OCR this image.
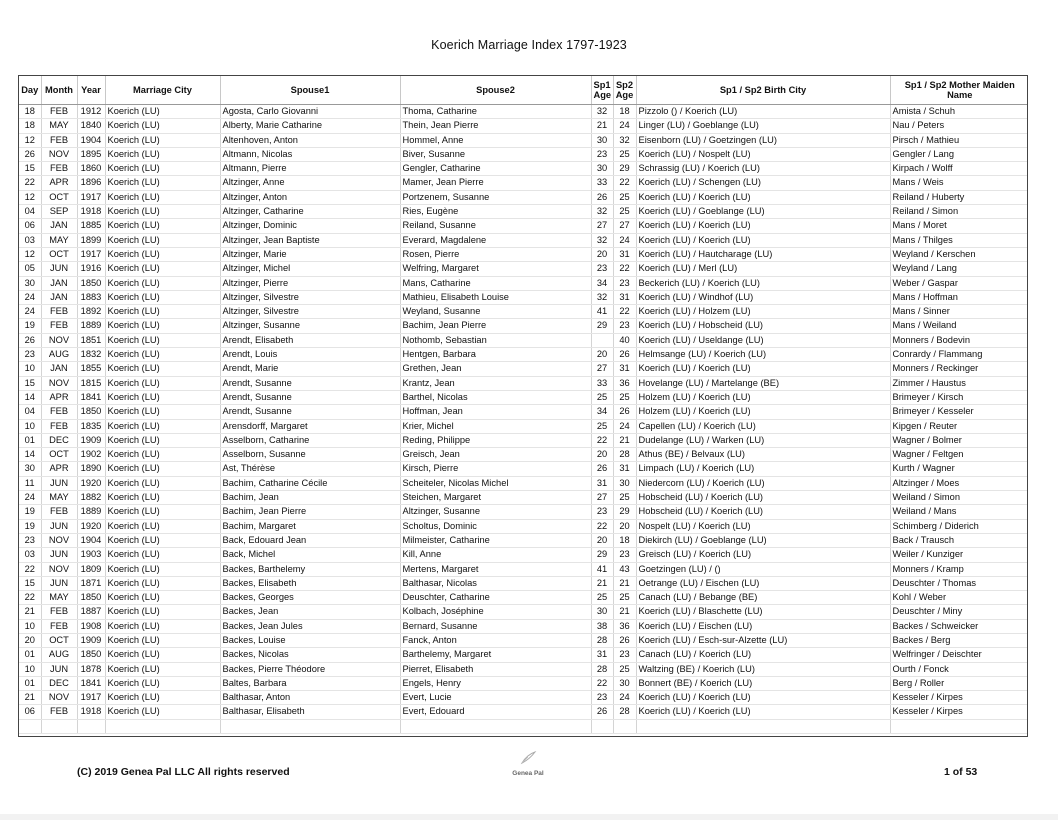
Koerich Marriage Index 1797-1923
Day	Month	Year	Marriage City	Spouse1	Spouse2	Sp1 Age	Sp2 Age	Sp1 / Sp2 Birth City	Sp1 / Sp2 Mother Maiden Name
18	FEB	1912	Koerich (LU)	Agosta, Carlo Giovanni	Thoma, Catharine	32	18	Pizzolo () / Koerich (LU)	Amista / Schuh
18	MAY	1840	Koerich (LU)	Alberty, Marie Catharine	Thein, Jean Pierre	21	24	Linger (LU) / Goeblange (LU)	Nau / Peters
12	FEB	1904	Koerich (LU)	Altenhoven, Anton	Hommel, Anne	30	32	Eisenborn (LU) / Goetzingen (LU)	Pirsch / Mathieu
26	NOV	1895	Koerich (LU)	Altmann, Nicolas	Biver, Susanne	23	25	Koerich (LU) / Nospelt (LU)	Gengler / Lang
15	FEB	1860	Koerich (LU)	Altmann, Pierre	Gengler, Catharine	30	29	Schrassig (LU) / Koerich (LU)	Kirpach / Wolff
22	APR	1896	Koerich (LU)	Altzinger, Anne	Mamer, Jean Pierre	33	22	Koerich (LU) / Schengen (LU)	Mans / Weis
12	OCT	1917	Koerich (LU)	Altzinger, Anton	Portzenem, Susanne	26	25	Koerich (LU) / Koerich (LU)	Reiland / Huberty
04	SEP	1918	Koerich (LU)	Altzinger, Catharine	Ries, Eugène	32	25	Koerich (LU) / Goeblange (LU)	Reiland / Simon
06	JAN	1885	Koerich (LU)	Altzinger, Dominic	Reiland, Susanne	27	27	Koerich (LU) / Koerich (LU)	Mans / Moret
03	MAY	1899	Koerich (LU)	Altzinger, Jean Baptiste	Everard, Magdalene	32	24	Koerich (LU) / Koerich (LU)	Mans / Thilges
12	OCT	1917	Koerich (LU)	Altzinger, Marie	Rosen, Pierre	20	31	Koerich (LU) / Hautcharage (LU)	Weyland / Kerschen
05	JUN	1916	Koerich (LU)	Altzinger, Michel	Welfring, Margaret	23	22	Koerich (LU) / Merl (LU)	Weyland / Lang
30	JAN	1850	Koerich (LU)	Altzinger, Pierre	Mans, Catharine	34	23	Beckerich (LU) / Koerich (LU)	Weber / Gaspar
24	JAN	1883	Koerich (LU)	Altzinger, Silvestre	Mathieu, Elisabeth Louise	32	31	Koerich (LU) / Windhof (LU)	Mans / Hoffman
24	FEB	1892	Koerich (LU)	Altzinger, Silvestre	Weyland, Susanne	41	22	Koerich (LU) / Holzem (LU)	Mans / Sinner
19	FEB	1889	Koerich (LU)	Altzinger, Susanne	Bachim, Jean Pierre	29	23	Koerich (LU) / Hobscheid (LU)	Mans / Weiland
26	NOV	1851	Koerich (LU)	Arendt, Elisabeth	Nothomb, Sebastian		40	Koerich (LU) / Useldange (LU)	Monners / Bodevin
23	AUG	1832	Koerich (LU)	Arendt, Louis	Hentgen, Barbara	20	26	Helmsange (LU) / Koerich (LU)	Conrardy / Flammang
10	JAN	1855	Koerich (LU)	Arendt, Marie	Grethen, Jean	27	31	Koerich (LU) / Koerich (LU)	Monners / Reckinger
15	NOV	1815	Koerich (LU)	Arendt, Susanne	Krantz, Jean	33	36	Hovelange (LU) / Martelange (BE)	Zimmer / Haustus
14	APR	1841	Koerich (LU)	Arendt, Susanne	Barthel, Nicolas	25	25	Holzem (LU) / Koerich (LU)	Brimeyer / Kirsch
04	FEB	1850	Koerich (LU)	Arendt, Susanne	Hoffman, Jean	34	26	Holzem (LU) / Koerich (LU)	Brimeyer / Kesseler
10	FEB	1835	Koerich (LU)	Arensdorff, Margaret	Krier, Michel	25	24	Capellen (LU) / Koerich (LU)	Kipgen / Reuter
01	DEC	1909	Koerich (LU)	Asselborn, Catharine	Reding, Philippe	22	21	Dudelange (LU) / Warken (LU)	Wagner / Bolmer
14	OCT	1902	Koerich (LU)	Asselborn, Susanne	Greisch, Jean	20	28	Athus (BE) / Belvaux (LU)	Wagner / Feltgen
30	APR	1890	Koerich (LU)	Ast, Thérèse	Kirsch, Pierre	26	31	Limpach (LU) / Koerich (LU)	Kurth / Wagner
11	JUN	1920	Koerich (LU)	Bachim, Catharine Cécile	Scheiteler, Nicolas Michel	31	30	Niedercorn (LU) / Koerich (LU)	Altzinger / Moes
24	MAY	1882	Koerich (LU)	Bachim, Jean	Steichen, Margaret	27	25	Hobscheid (LU) / Koerich (LU)	Weiland / Simon
19	FEB	1889	Koerich (LU)	Bachim, Jean Pierre	Altzinger, Susanne	23	29	Hobscheid (LU) / Koerich (LU)	Weiland / Mans
19	JUN	1920	Koerich (LU)	Bachim, Margaret	Scholtus, Dominic	22	20	Nospelt (LU) / Koerich (LU)	Schimberg / Diderich
23	NOV	1904	Koerich (LU)	Back, Edouard Jean	Milmeister, Catharine	20	18	Diekirch (LU) / Goeblange (LU)	Back / Trausch
03	JUN	1903	Koerich (LU)	Back, Michel	Kill, Anne	29	23	Greisch (LU) / Koerich (LU)	Weiler / Kunziger
22	NOV	1809	Koerich (LU)	Backes, Barthelemy	Mertens, Margaret	41	43	Goetzingen (LU) / ()	Monners / Kramp
15	JUN	1871	Koerich (LU)	Backes, Elisabeth	Balthasar, Nicolas	21	21	Oetrange (LU) / Eischen (LU)	Deuschter / Thomas
22	MAY	1850	Koerich (LU)	Backes, Georges	Deuschter, Catharine	25	25	Canach (LU) / Bebange (BE)	Kohl / Weber
21	FEB	1887	Koerich (LU)	Backes, Jean	Kolbach, Joséphine	30	21	Koerich (LU) / Blaschette (LU)	Deuschter / Miny
10	FEB	1908	Koerich (LU)	Backes, Jean Jules	Bernard, Susanne	38	36	Koerich (LU) / Eischen (LU)	Backes / Schweicker
20	OCT	1909	Koerich (LU)	Backes, Louise	Fanck, Anton	28	26	Koerich (LU) / Esch-sur-Alzette (LU)	Backes / Berg
01	AUG	1850	Koerich (LU)	Backes, Nicolas	Barthelemy, Margaret	31	23	Canach (LU) / Koerich (LU)	Welfringer / Deischter
10	JUN	1878	Koerich (LU)	Backes, Pierre Théodore	Pierret, Elisabeth	28	25	Waltzing (BE) / Koerich (LU)	Ourth / Fonck
01	DEC	1841	Koerich (LU)	Baltes, Barbara	Engels, Henry	22	30	Bonnert (BE) / Koerich (LU)	Berg / Roller
21	NOV	1917	Koerich (LU)	Balthasar, Anton	Evert, Lucie	23	24	Koerich (LU) / Koerich (LU)	Kesseler / Kirpes
06	FEB	1918	Koerich (LU)	Balthasar, Elisabeth	Evert, Edouard	26	28	Koerich (LU) / Koerich (LU)	Kesseler / Kirpes

(C) 2019 Genea Pal LLC All rights reserved	Genea Pal	1 of 53
